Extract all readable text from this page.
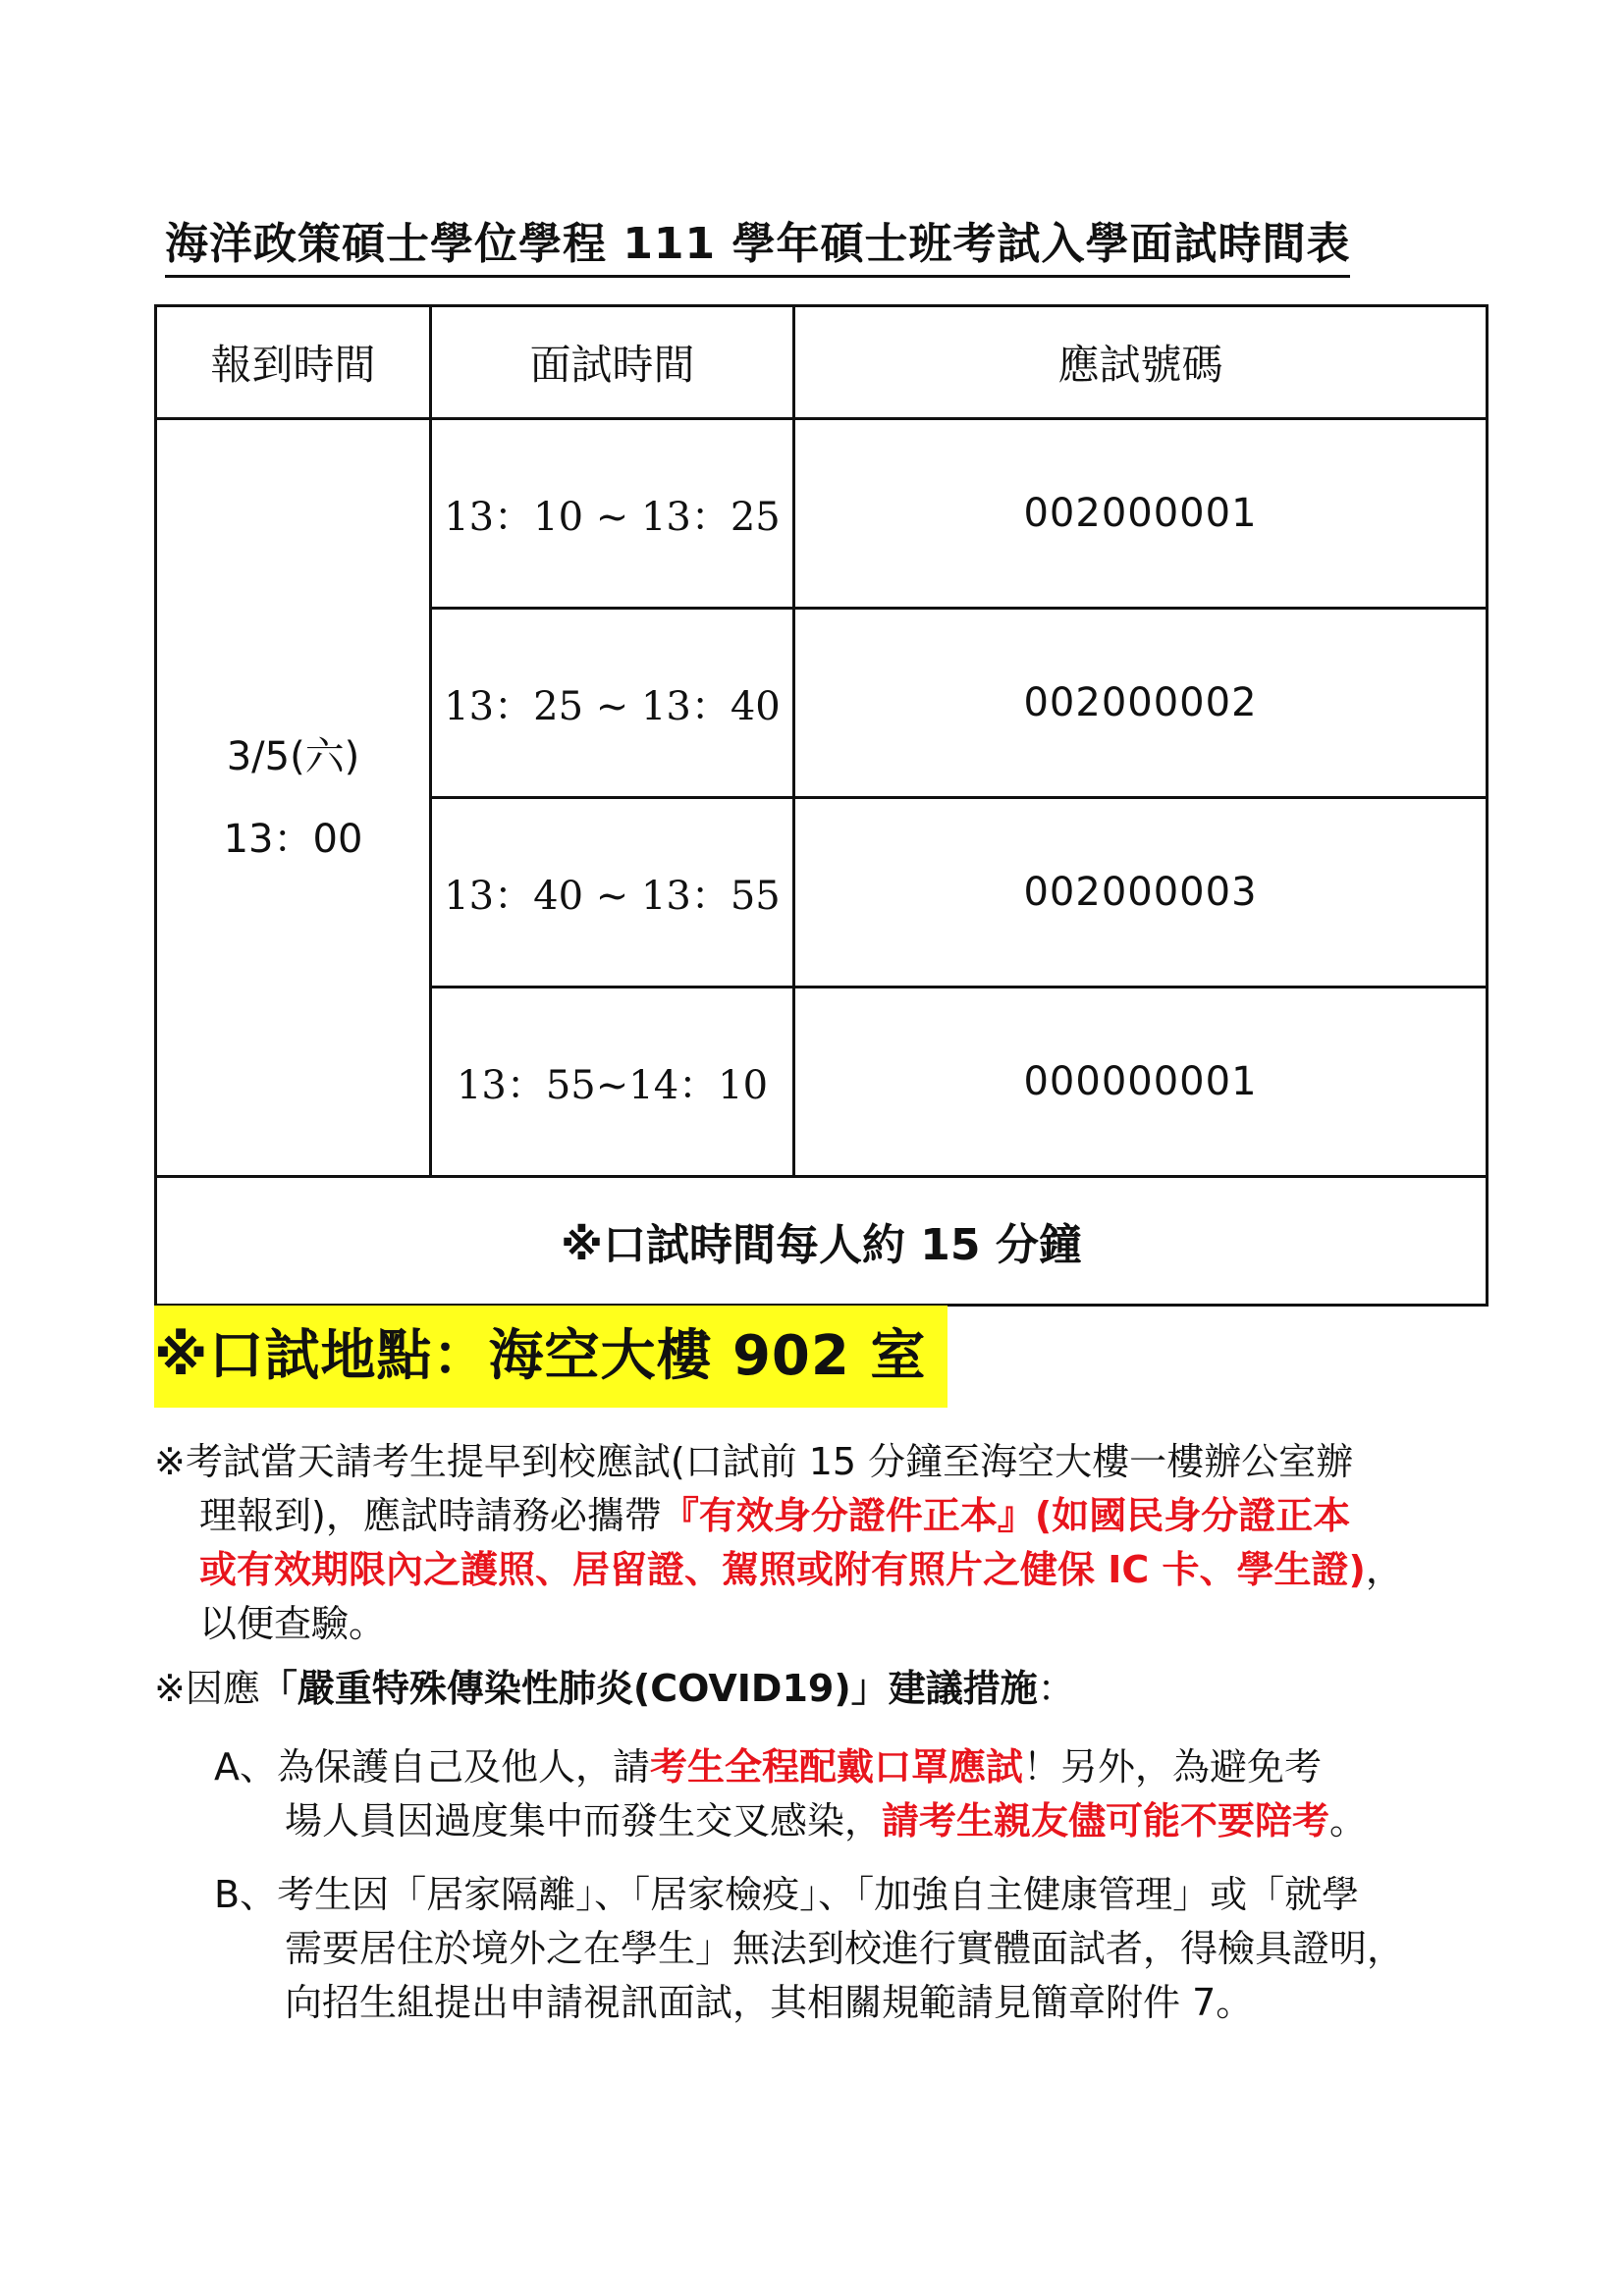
海洋政策碩士學位學程 111 學年碩士班考試入學面試時間表
報到時間	面試時間	應試號碼

3/5(六)
13：00	13：10 ~ 13：25	002000001
	13：25 ~ 13：40	002000002
	13：40 ~ 13：55	002000003
	13：55~14：10	000000001
※口試時間每人約 15 分鐘		
※口試地點：海空大樓 902 室
※考試當天請考生提早到校應試(口試前 15 分鐘至海空大樓一樓辦公室辦
理報到)，應試時請務必攜帶『有效身分證件正本』(如國民身分證正本
或有效期限內之護照、居留證、駕照或附有照片之健保 IC 卡、學生證)，
以便查驗。
※因應「嚴重特殊傳染性肺炎(COVID19)」建議措施：
A、為保護自己及他人，請考生全程配戴口罩應試！另外，為避免考
場人員因過度集中而發生交叉感染，請考生親友儘可能不要陪考。
B、考生因「居家隔離」、「居家檢疫」、「加強自主健康管理」或「就學
需要居住於境外之在學生」無法到校進行實體面試者，得檢具證明，
向招生組提出申請視訊面試，其相關規範請見簡章附件 7。
